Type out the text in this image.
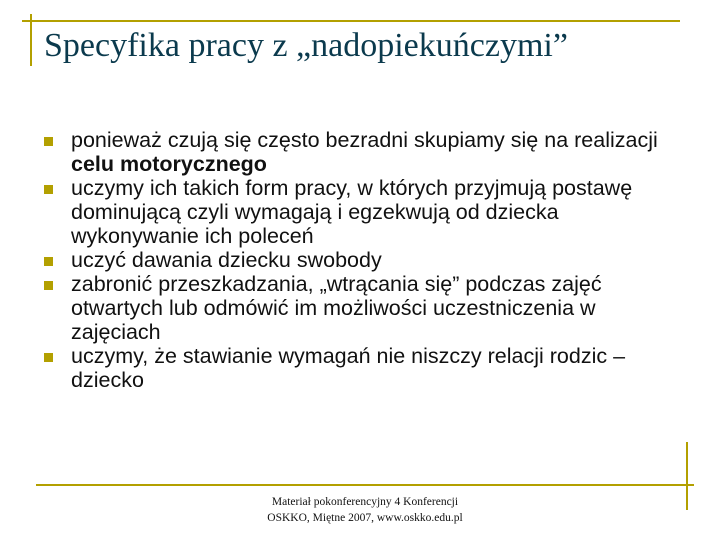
Specyfika pracy z „nadopiekuńczymi”
ponieważ czują się często bezradni skupiamy się na realizacji celu motorycznego
uczymy ich takich form pracy, w których przyjmują postawę dominującą czyli wymagają i egzekwują od dziecka wykonywanie ich poleceń
uczyć dawania dziecku swobody
zabronić przeszkadzania, „wtrącania się” podczas zajęć otwartych lub odmówić im możliwości uczestniczenia w zajęciach
uczymy, że stawianie wymagań nie niszczy relacji rodzic – dziecko
Materiał pokonferencyjny 4 Konferencji
OSKKO, Miętne 2007, www.oskko.edu.pl
